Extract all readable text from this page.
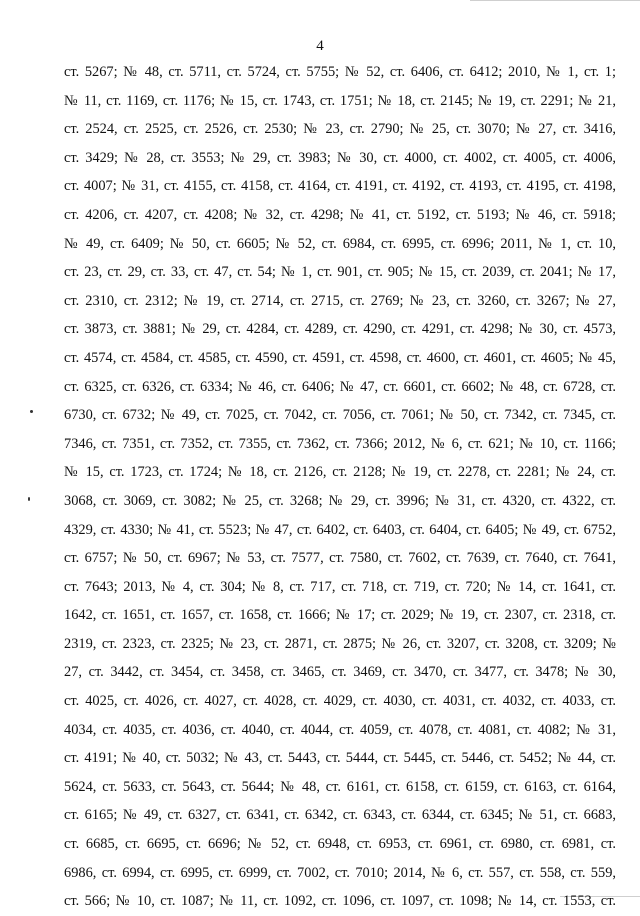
4
ст. 5267; № 48, ст. 5711, ст. 5724, ст. 5755; № 52, ст. 6406, ст. 6412; 2010, № 1, ст. 1;
№ 11, ст. 1169, ст. 1176; № 15, ст. 1743, ст. 1751; № 18, ст. 2145; № 19, ст. 2291; № 21,
ст. 2524, ст. 2525, ст. 2526, ст. 2530; № 23, ст. 2790; № 25, ст. 3070; № 27, ст. 3416,
ст. 3429; № 28, ст. 3553; № 29, ст. 3983; № 30, ст. 4000, ст. 4002, ст. 4005, ст. 4006,
ст. 4007; № 31, ст. 4155, ст. 4158, ст. 4164, ст. 4191, ст. 4192, ст. 4193, ст. 4195, ст. 4198,
ст. 4206, ст. 4207, ст. 4208; № 32, ст. 4298; № 41, ст. 5192, ст. 5193; № 46, ст. 5918;
№ 49, ст. 6409; № 50, ст. 6605; № 52, ст. 6984, ст. 6995, ст. 6996; 2011, № 1, ст. 10,
ст. 23, ст. 29, ст. 33, ст. 47, ст. 54; № 1, ст. 901, ст. 905; № 15, ст. 2039, ст. 2041; № 17,
ст. 2310, ст. 2312; № 19, ст. 2714, ст. 2715, ст. 2769; № 23, ст. 3260, ст. 3267; № 27,
ст. 3873, ст. 3881; № 29, ст. 4284, ст. 4289, ст. 4290, ст. 4291, ст. 4298; № 30, ст. 4573,
ст. 4574, ст. 4584, ст. 4585, ст. 4590, ст. 4591, ст. 4598, ст. 4600, ст. 4601, ст. 4605; № 45,
ст. 6325, ст. 6326, ст. 6334; № 46, ст. 6406; № 47, ст. 6601, ст. 6602; № 48, ст. 6728, ст.
6730, ст. 6732; № 49, ст. 7025, ст. 7042, ст. 7056, ст. 7061; № 50, ст. 7342, ст. 7345, ст.
7346, ст. 7351, ст. 7352, ст. 7355, ст. 7362, ст. 7366; 2012, № 6, ст. 621; № 10, ст. 1166;
№ 15, ст. 1723, ст. 1724; № 18, ст. 2126, ст. 2128; № 19, ст. 2278, ст. 2281; № 24, ст.
3068, ст. 3069, ст. 3082; № 25, ст. 3268; № 29, ст. 3996; № 31, ст. 4320, ст. 4322, ст.
4329, ст. 4330; № 41, ст. 5523; № 47, ст. 6402, ст. 6403, ст. 6404, ст. 6405; № 49, ст. 6752,
ст. 6757; № 50, ст. 6967; № 53, ст. 7577, ст. 7580, ст. 7602, ст. 7639, ст. 7640, ст. 7641,
ст. 7643; 2013, № 4, ст. 304; № 8, ст. 717, ст. 718, ст. 719, ст. 720; № 14, ст. 1641, ст.
1642, ст. 1651, ст. 1657, ст. 1658, ст. 1666; № 17; ст. 2029; № 19, ст. 2307, ст. 2318, ст.
2319, ст. 2323, ст. 2325; № 23, ст. 2871, ст. 2875; № 26, ст. 3207, ст. 3208, ст. 3209; №
27, ст. 3442, ст. 3454, ст. 3458, ст. 3465, ст. 3469, ст. 3470, ст. 3477, ст. 3478; № 30,
ст. 4025, ст. 4026, ст. 4027, ст. 4028, ст. 4029, ст. 4030, ст. 4031, ст. 4032, ст. 4033, ст.
4034, ст. 4035, ст. 4036, ст. 4040, ст. 4044, ст. 4059, ст. 4078, ст. 4081, ст. 4082; № 31,
ст. 4191; № 40, ст. 5032; № 43, ст. 5443, ст. 5444, ст. 5445, ст. 5446, ст. 5452; № 44, ст.
5624, ст. 5633, ст. 5643, ст. 5644; № 48, ст. 6161, ст. 6158, ст. 6159, ст. 6163, ст. 6164,
ст. 6165; № 49, ст. 6327, ст. 6341, ст. 6342, ст. 6343, ст. 6344, ст. 6345; № 51, ст. 6683,
ст. 6685, ст. 6695, ст. 6696; № 52, ст. 6948, ст. 6953, ст. 6961, ст. 6980, ст. 6981, ст.
6986, ст. 6994, ст. 6995, ст. 6999, ст. 7002, ст. 7010; 2014, № 6, ст. 557, ст. 558, ст. 559,
ст. 566; № 10, ст. 1087; № 11, ст. 1092, ст. 1096, ст. 1097, ст. 1098; № 14, ст. 1553, ст.
